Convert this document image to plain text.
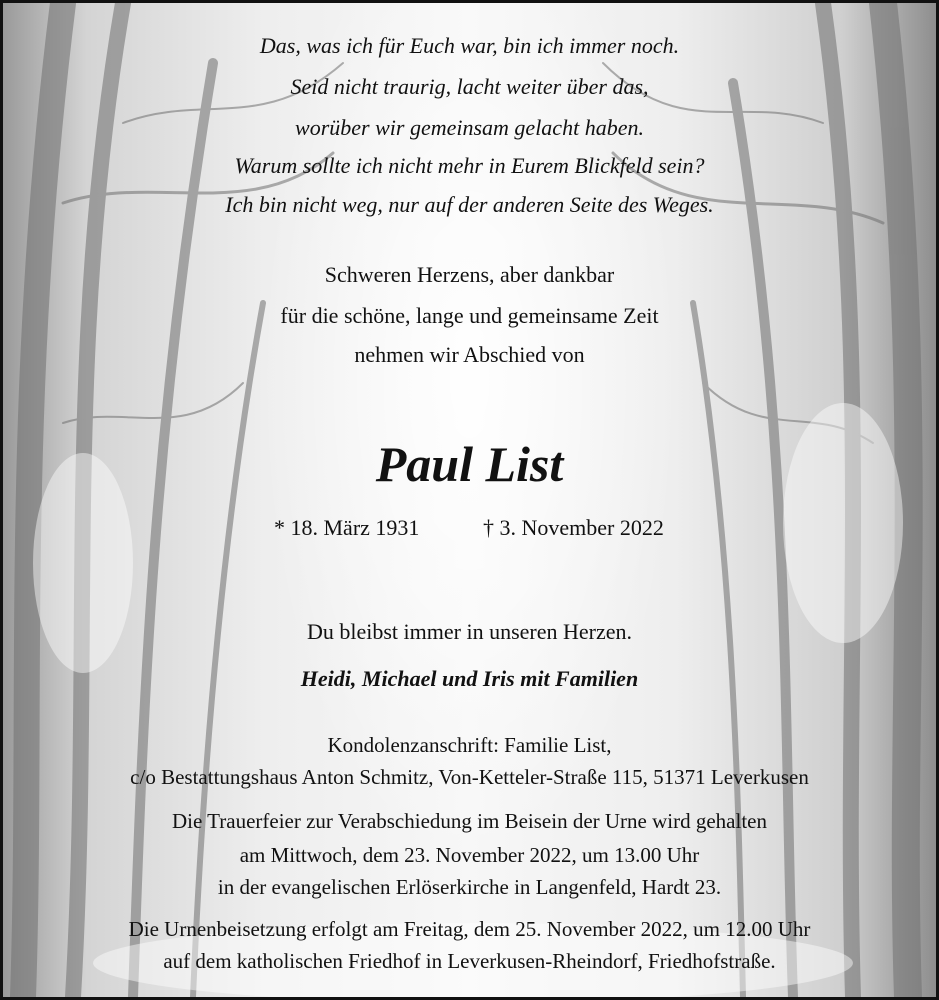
Das, was ich für Euch war, bin ich immer noch.
Seid nicht traurig, lacht weiter über das,
worüber wir gemeinsam gelacht haben.
Warum sollte ich nicht mehr in Eurem Blickfeld sein?
Ich bin nicht weg, nur auf der anderen Seite des Weges.
Schweren Herzens, aber dankbar
für die schöne, lange und gemeinsame Zeit
nehmen wir Abschied von
Paul List
* 18. März 1931	† 3. November 2022
Du bleibst immer in unseren Herzen.
Heidi, Michael und Iris mit Familien
Kondolenzanschrift: Familie List,
c/o Bestattungshaus Anton Schmitz, Von-Ketteler-Straße 115, 51371 Leverkusen
Die Trauerfeier zur Verabschiedung im Beisein der Urne wird gehalten
am Mittwoch, dem 23. November 2022, um 13.00 Uhr
in der evangelischen Erlöserkirche in Langenfeld, Hardt 23.
Die Urnenbeisetzung erfolgt am Freitag, dem 25. November 2022, um 12.00 Uhr
auf dem katholischen Friedhof in Leverkusen-Rheindorf, Friedhofstraße.
